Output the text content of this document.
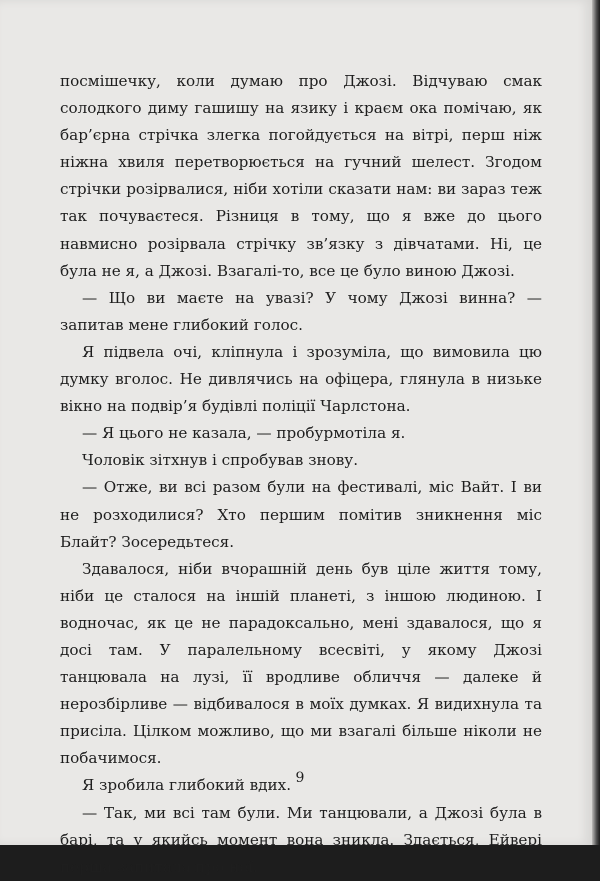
посмішечку, коли думаю про Джозі. Відчуваю смак солодкого диму гашишу на язику і краєм ока помічаю, як бар’єрна стрічка злегка погойдується на вітрі, перш ніж ніжна хвиля перетворюється на гучний шелест. Згодом стрічки розірвалися, ніби хотіли сказати нам: ви зараз теж так почуваєтеся. Різниця в тому, що я вже до цього навмисно розірвала стрічку зв’язку з дівчатами. Ні, це була не я, а Джозі. Взагалі-то, все це було виною Джозі.

— Що ви маєте на увазі? У чому Джозі винна? — запитав мене глибокий голос.

Я підвела очі, кліпнула і зрозуміла, що вимовила цю думку вголос. Не дивлячись на офіцера, глянула в низьке вікно на подвір’я будівлі поліції Чарлстона.

— Я цього не казала, — пробурмотіла я.

Чоловік зітхнув і спробував знову.

— Отже, ви всі разом були на фестивалі, міс Вайт. І ви не розходилися? Хто першим помітив зникнення міс Блайт? Зосередьтеся.

Здавалося, ніби вчорашній день був ціле життя тому, ніби це сталося на іншій планеті, з іншою людиною. І водночас, як це не парадоксально, мені здавалося, що я досі там. У паралельному всесвіті, у якому Джозі танцювала на лузі, її вродливе обличчя — далеке й нерозбірливе — відбивалося в моїх думках. Я видихнула та присіла. Цілком можливо, що ми взагалі більше ніколи не побачимося.

Я зробила глибокий вдих.

— Так, ми всі там були. Ми танцювали, а Джозі була в барі, та у якийсь момент вона зникла. Здається, Ейвері перша запитала про неї.

9
